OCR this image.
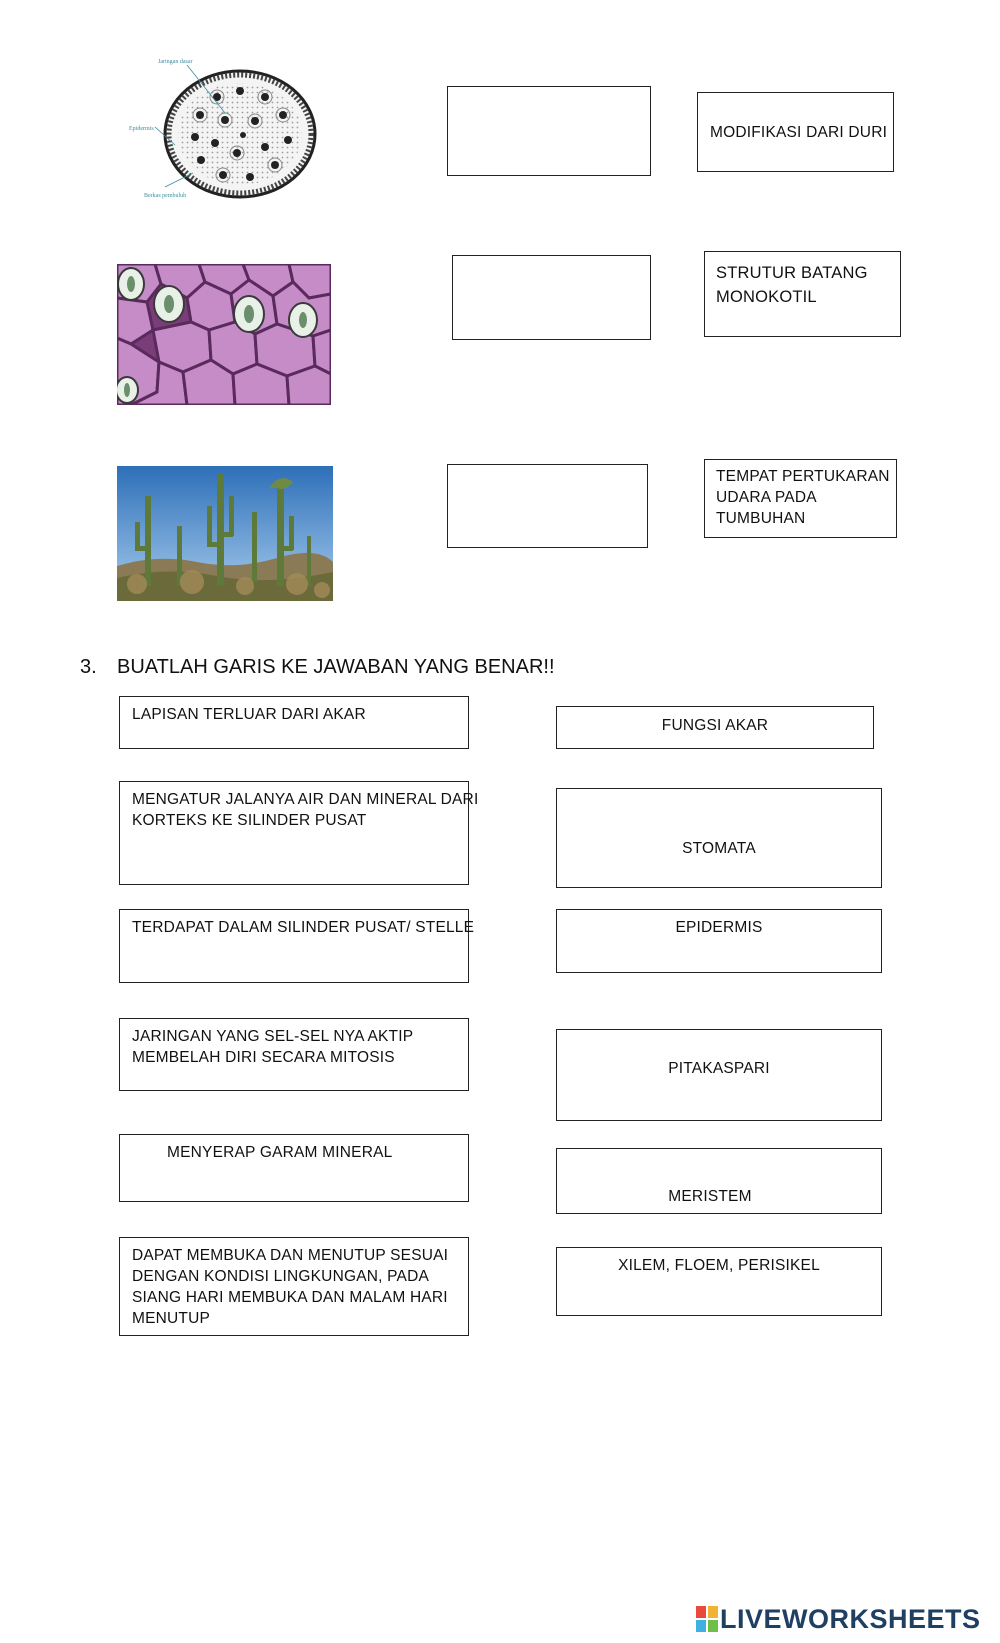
Jaringan dasar
Epidermis
Berkas pembuluh
MODIFIKASI DARI DURI
STRUTUR BATANG
MONOKOTIL
TEMPAT PERTUKARAN
UDARA PADA
TUMBUHAN
3. BUATLAH GARIS KE JAWABAN YANG BENAR!!
LAPISAN TERLUAR DARI AKAR
MENGATUR JALANYA AIR DAN MINERAL DARI
KORTEKS KE SILINDER PUSAT
TERDAPAT DALAM SILINDER PUSAT/ STELLE
JARINGAN YANG SEL-SEL NYA AKTIP
MEMBELAH DIRI SECARA MITOSIS
MENYERAP GARAM MINERAL
DAPAT MEMBUKA DAN MENUTUP SESUAI
DENGAN KONDISI LINGKUNGAN, PADA
SIANG HARI MEMBUKA DAN MALAM HARI
MENUTUP
FUNGSI AKAR
STOMATA
EPIDERMIS
PITAKASPARI
MERISTEM
XILEM, FLOEM, PERISIKEL
LIVEWORKSHEETS
